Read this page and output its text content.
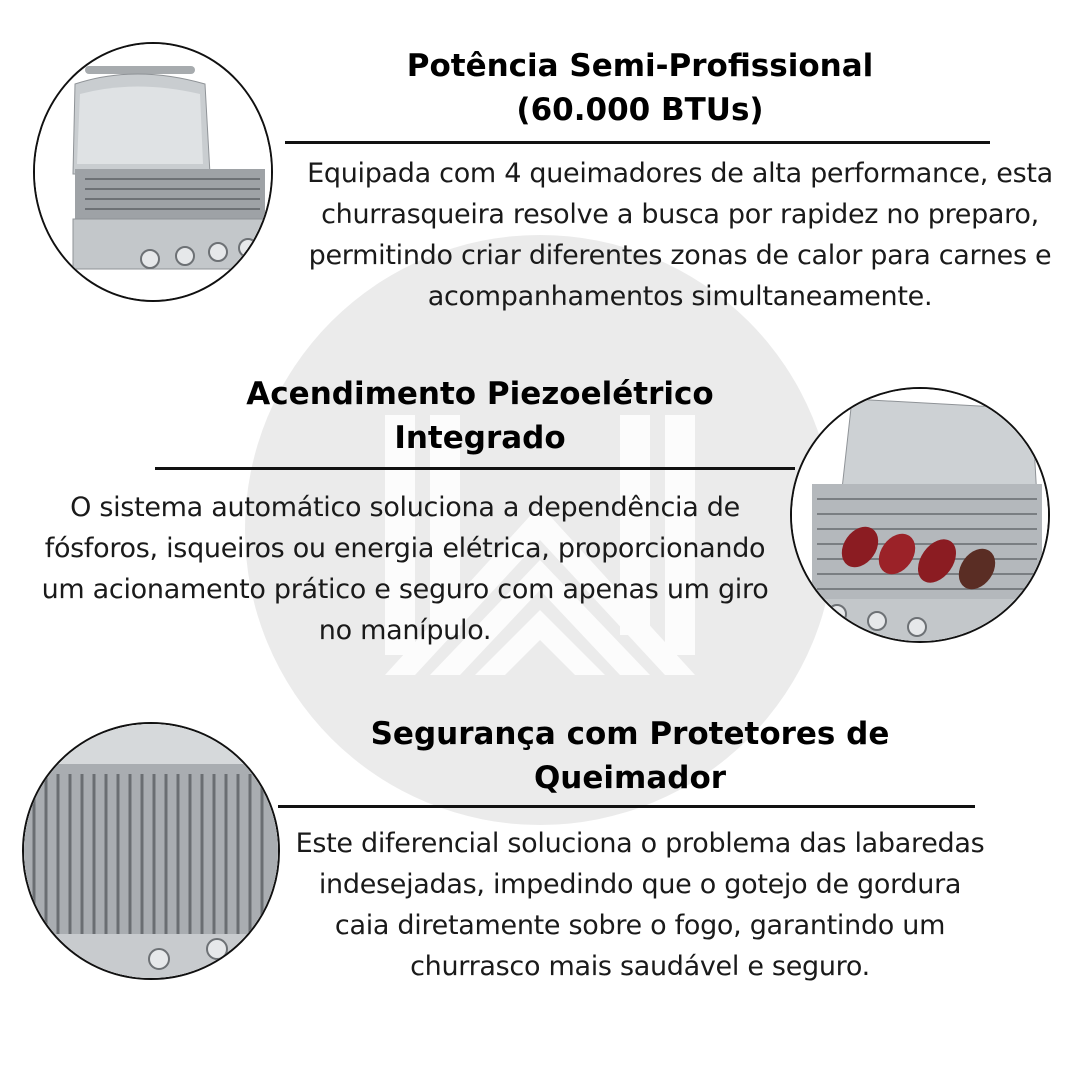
Potência Semi-Profissional
(60.000 BTUs)
Equipada com 4 queimadores de alta performance, esta churrasqueira resolve a busca por rapidez no preparo, permitindo criar diferentes zonas de calor para carnes e acompanhamentos simultaneamente.
Acendimento Piezoelétrico
Integrado
O sistema automático soluciona a dependência de fósforos, isqueiros ou energia elétrica, proporcionando um acionamento prático e seguro com apenas um giro no manípulo.
Segurança com Protetores de
Queimador
Este diferencial soluciona o problema das labaredas indesejadas, impedindo que o gotejo de gordura caia diretamente sobre o fogo, garantindo um churrasco mais saudável e seguro.
